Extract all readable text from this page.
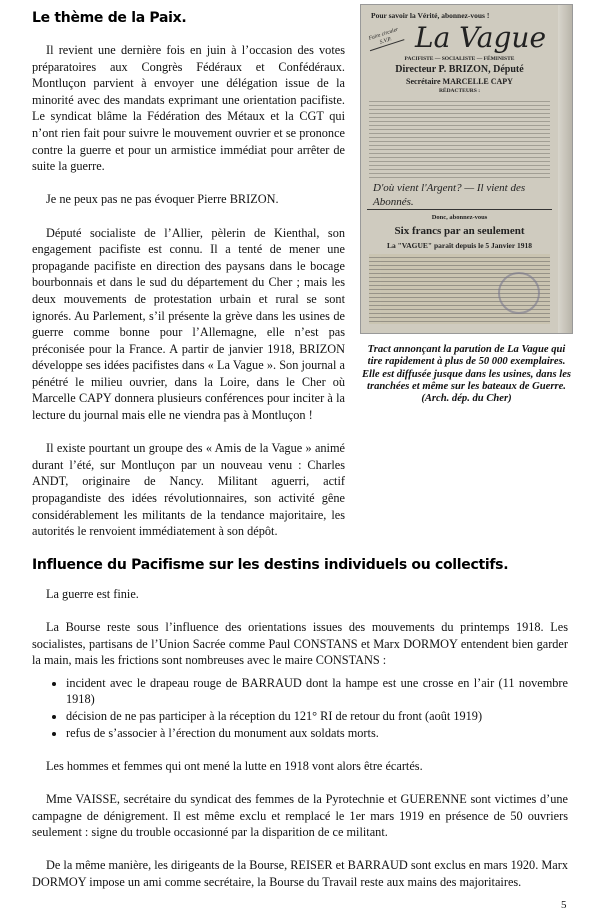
Le thème de la Paix.

Il revient une dernière fois en juin à l’occasion des votes préparatoires aux Congrès Fédéraux et Confédéraux. Montluçon parvient à envoyer une délégation issue de la minorité avec des mandats exprimant une orientation pacifiste. Le syndicat blâme la Fédération des Métaux et la CGT qui n’ont rien fait pour suivre le mouvement ouvrier et se prononce contre la guerre et pour un armistice immédiat pour arrêter de suite la guerre.

Je ne peux pas ne pas évoquer Pierre BRIZON.

Député socialiste de l’Allier, pèlerin de Kienthal, son engagement pacifiste est connu. Il a tenté de mener une propagande pacifiste en direction des paysans dans le bocage bourbonnais et dans le sud du département du Cher ; mais les deux mouvements de protestation urbain et rural se sont ignorés. Au Parlement, s’il présente la grève dans les usines de guerre comme bonne pour l’Allemagne, elle n’est pas préconisée pour la France. A partir de janvier 1918, BRIZON développe ses idées pacifistes dans « La Vague ». Son journal a pénétré le milieu ouvrier, dans la Loire, dans le Cher où Marcelle CAPY donnera plusieurs conférences pour inciter à la lecture du journal mais elle ne viendra pas à Montluçon !

Il existe pourtant un groupe des « Amis de la Vague » animé durant l’été, sur Montluçon par un nouveau venu : Charles ANDT, originaire de Nancy. Militant aguerri, actif propagandiste des idées révolutionnaires, son activité gêne considérablement les militants de la tendance majoritaire, les autorités le renvoient immédiatement à son dépôt.

Pour savoir la Vérité, abonnez-vous !
Faire circuler S.V.P. La Vague
PACIFISTE — SOCIALISTE — FÉMINISTE
Directeur P. BRIZON, Député
Secrétaire MARCELLE CAPY
RÉDACTEURS :
D'où vient l'Argent? — Il vient des Abonnés.
Donc, abonnez-vous
Six francs par an seulement
La "VAGUE" paraît depuis le 5 Janvier 1918
Tract annonçant la parution de La Vague qui tire rapidement à plus de 50 000 exemplaires.
Elle est diffusée jusque dans les usines, dans les tranchées et même sur les bateaux de Guerre.
(Arch. dép. du Cher)
Influence du Pacifisme sur les destins individuels ou collectifs.

La guerre est finie.

La Bourse reste sous l’influence des orientations issues des mouvements du printemps 1918. Les socialistes, partisans de l’Union Sacrée comme Paul CONSTANS et Marx DORMOY entendent bien garder la main, mais les frictions sont nombreuses avec le maire CONSTANS :

• incident avec le drapeau rouge de BARRAUD dont la hampe est une crosse en l’air (11 novembre 1918)
• décision de ne pas participer à la réception du 121° RI de retour du front (août 1919)
• refus de s’associer à l’érection du monument aux soldats morts.

Les hommes et femmes qui ont mené la lutte en 1918 vont alors être écartés.

Mme VAISSE, secrétaire du syndicat des femmes de la Pyrotechnie et GUERENNE sont victimes d’une campagne de dénigrement. Il est même exclu et remplacé le 1er mars 1919 en présence de 50 ouvriers seulement : signe du trouble occasionné par la disparition de ce militant.

De la même manière, les dirigeants de la Bourse, REISER et BARRAUD sont exclus en mars 1920. Marx DORMOY impose un ami comme secrétaire, la Bourse du Travail reste aux mains des majoritaires.

5
